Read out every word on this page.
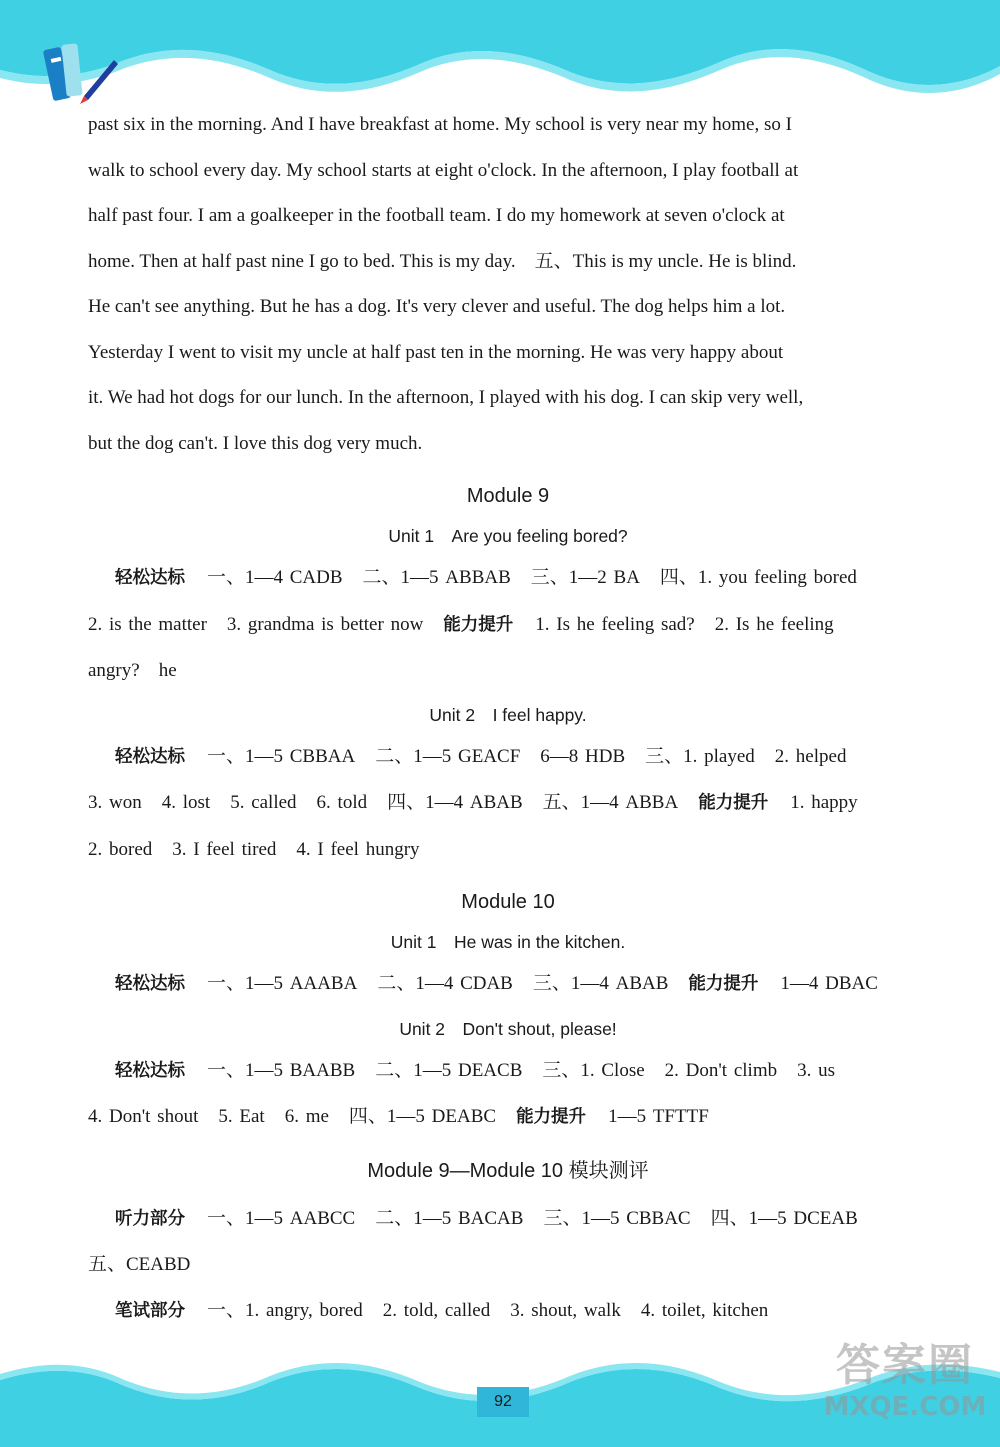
past six in the morning. And I have breakfast at home. My school is very near my home, so I
walk to school every day. My school starts at eight o'clock. In the afternoon, I play football at
half past four. I am a goalkeeper in the football team. I do my homework at seven o'clock at
home. Then at half past nine I go to bed. This is my day.　五、This is my uncle. He is blind.
He can't see anything. But he has a dog. It's very clever and useful. The dog helps him a lot.
Yesterday I went to visit my uncle at half past ten in the morning. He was very happy about
it. We had hot dogs for our lunch. In the afternoon, I played with his dog. I can skip very well,
but the dog can't. I love this dog very much.

Module 9
Unit 1　Are you feeling bored?

轻松达标 一、1—4 CADB 二、1—5 ABBAB 三、1—2 BA 四、1. you feeling bored
2. is the matter 3. grandma is better now 能力提升 1. Is he feeling sad? 2. Is he feeling
angry?　he

Unit 2　I feel happy.

轻松达标 一、1—5 CBBAA 二、1—5 GEACF 6—8 HDB 三、1. played 2. helped
3. won 4. lost 5. called 6. told 四、1—4 ABAB 五、1—4 ABBA 能力提升 1. happy
2. bored 3. I feel tired 4. I feel hungry

Module 10
Unit 1　He was in the kitchen.

轻松达标 一、1—5 AAABA 二、1—4 CDAB 三、1—4 ABAB 能力提升 1—4 DBAC

Unit 2　Don't shout, please!

轻松达标 一、1—5 BAABB 二、1—5 DEACB 三、1. Close 2. Don't climb 3. us
4. Don't shout 5. Eat 6. me 四、1—5 DEABC 能力提升 1—5 TFTTF

Module 9—Module 10 模块测评

听力部分 一、1—5 AABCC 二、1—5 BACAB 三、1—5 CBBAC 四、1—5 DCEAB
五、CEABD
笔试部分 一、1. angry, bored 2. told, called 3. shout, walk 4. toilet, kitchen

92
答案圈
MXQE.COM
